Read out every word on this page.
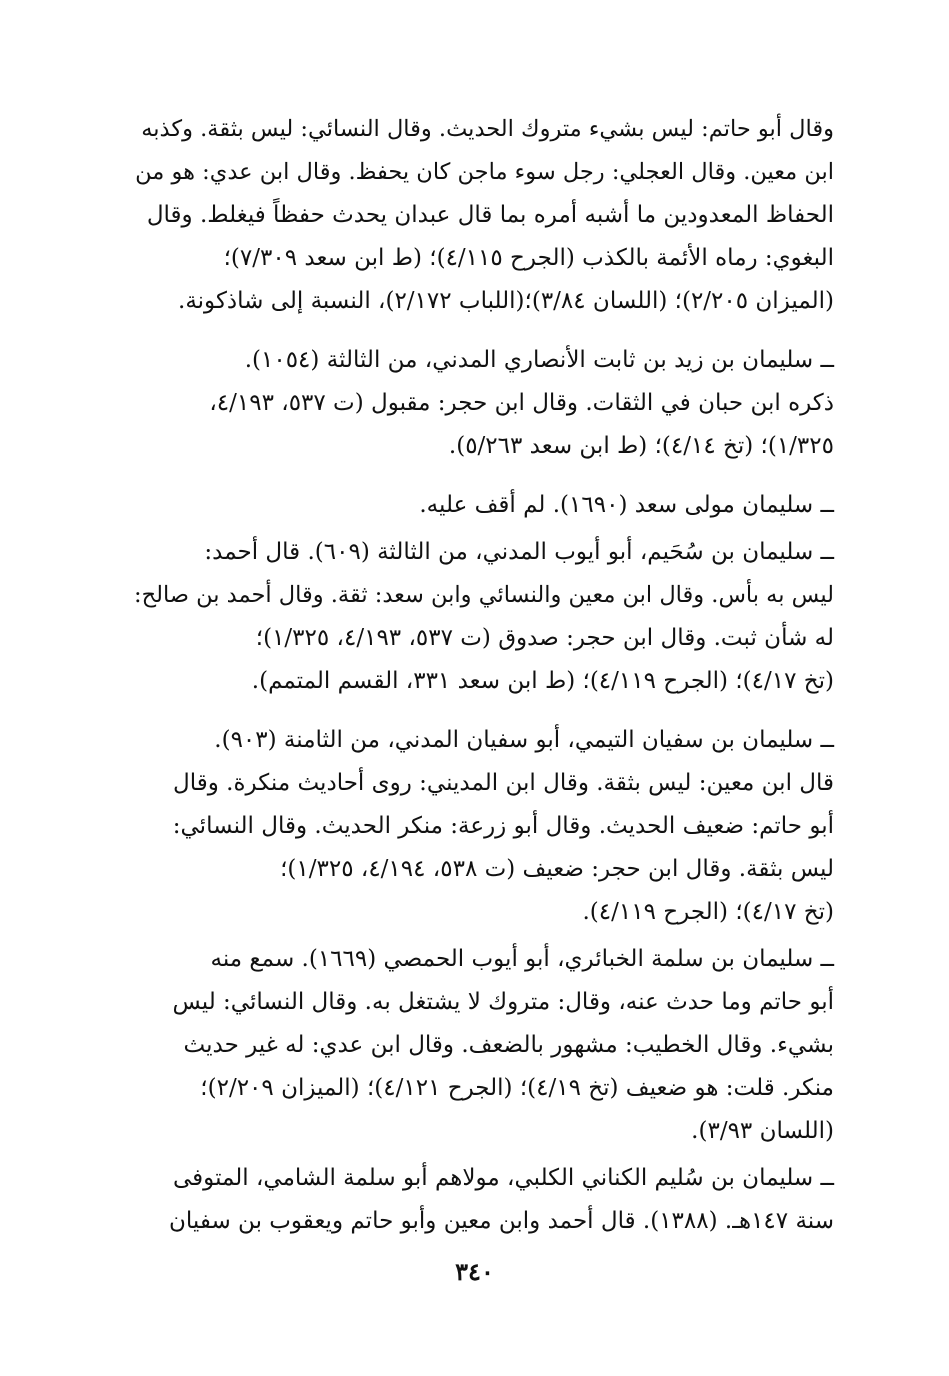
وقال أبو حاتم: ليس بشيء متروك الحديث. وقال النسائي: ليس بثقة. وكذبه
ابن معين. وقال العجلي: رجل سوء ماجن كان يحفظ. وقال ابن عدي: هو من
الحفاظ المعدودين ما أشبه أمره بما قال عبدان يحدث حفظاً فيغلط. وقال
البغوي: رماه الأئمة بالكذب (الجرح ٤/١١٥)؛ (ط ابن سعد ٧/٣٠٩)؛
(الميزان ٢/٢٠٥)؛ (اللسان ٣/٨٤)؛(اللباب ٢/١٧٢)، النسبة إلى شاذكونة.

ــ سليمان بن زيد بن ثابت الأنصاري المدني، من الثالثة (١٠٥٤).
ذكره ابن حبان في الثقات. وقال ابن حجر: مقبول (ت ٥٣٧، ٤/١٩٣،
١/٣٢٥)؛ (تخ ٤/١٤)؛ (ط ابن سعد ٥/٢٦٣).

ــ سليمان مولى سعد (١٦٩٠). لم أقف عليه.

ــ سليمان بن سُحَيم، أبو أيوب المدني، من الثالثة (٦٠٩). قال أحمد:
ليس به بأس. وقال ابن معين والنسائي وابن سعد: ثقة. وقال أحمد بن صالح:
له شأن ثبت. وقال ابن حجر: صدوق (ت ٥٣٧، ٤/١٩٣، ١/٣٢٥)؛
(تخ ٤/١٧)؛ (الجرح ٤/١١٩)؛ (ط ابن سعد ٣٣١، القسم المتمم).

ــ سليمان بن سفيان التيمي، أبو سفيان المدني، من الثامنة (٩٠٣).
قال ابن معين: ليس بثقة. وقال ابن المديني: روى أحاديث منكرة. وقال
أبو حاتم: ضعيف الحديث. وقال أبو زرعة: منكر الحديث. وقال النسائي:
ليس بثقة. وقال ابن حجر: ضعيف (ت ٥٣٨، ٤/١٩٤، ١/٣٢٥)؛
(تخ ٤/١٧)؛ (الجرح ٤/١١٩).

ــ سليمان بن سلمة الخبائري، أبو أيوب الحمصي (١٦٦٩). سمع منه
أبو حاتم وما حدث عنه، وقال: متروك لا يشتغل به. وقال النسائي: ليس
بشيء. وقال الخطيب: مشهور بالضعف. وقال ابن عدي: له غير حديث
منكر. قلت: هو ضعيف (تخ ٤/١٩)؛ (الجرح ٤/١٢١)؛ (الميزان ٢/٢٠٩)؛
(اللسان ٣/٩٣).

ــ سليمان بن سُليم الكناني الكلبي، مولاهم أبو سلمة الشامي، المتوفى
سنة ١٤٧هـ. (١٣٨٨). قال أحمد وابن معين وأبو حاتم ويعقوب بن سفيان

٣٤٠
